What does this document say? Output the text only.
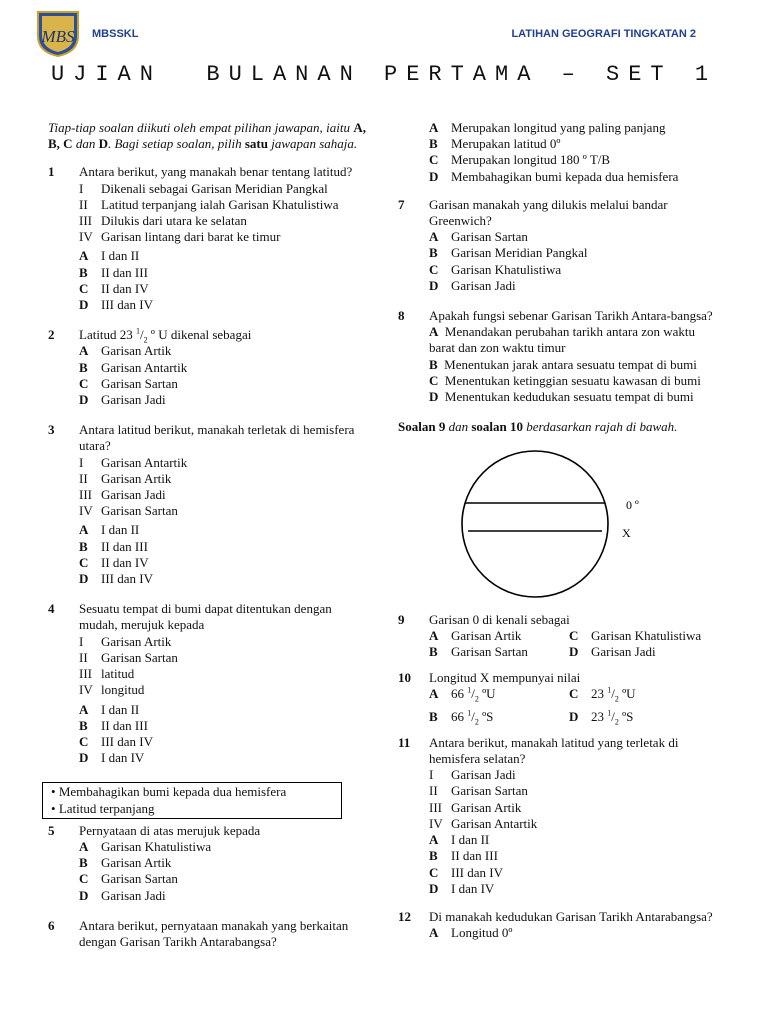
MBS MBSSKL	LATIHAN GEOGRAFI TINGKATAN 2
UJIAN  BULANAN PERTAMA – SET 1
Tiap-tiap soalan diikuti oleh empat pilihan jawapan, iaitu A, B, C dan D. Bagi setiap soalan, pilih satu jawapan sahaja.
1	Antara berikut, yang manakah benar tentang latitud?
I	Dikenali sebagai Garisan Meridian Pangkal
II	Latitud terpanjang ialah Garisan Khatulistiwa
III Dilukis dari utara ke selatan
IV Garisan lintang dari barat ke timur
A I dan II
B	II dan III
C II dan IV
D III dan IV
2	Latitud 23 $^1/_2$ º U dikenal sebagai
A Garisan Artik
B	Garisan Antartik
C Garisan Sartan
D Garisan Jadi
3	Antara latitud berikut, manakah terletak di hemisfera utara?
I	Garisan Antartik
II	Garisan Artik
III Garisan Jadi
IV Garisan Sartan
A I dan II
B	II dan III
C II dan IV
D III dan IV
4	Sesuatu tempat di bumi dapat ditentukan dengan mudah, merujuk kepada
I	Garisan Artik
II	Garisan Sartan
III latitud
IV longitud
A I dan II
B	II dan III
C III dan IV
D I dan IV
• Membahagikan bumi kepada dua hemisfera
• Latitud terpanjang
5	Pernyataan di atas merujuk kepada
A Garisan Khatulistiwa
B	Garisan Artik
C Garisan Sartan
D Garisan Jadi
6	Antara berikut, pernyataan manakah yang berkaitan dengan Garisan Tarikh Antarabangsa?
A Merupakan longitud yang paling panjang
B	Merupakan latitud 0º
C Merupakan longitud 180 º T/B
D Membahagikan bumi kepada dua hemisfera
7	Garisan manakah yang dilukis melalui bandar Greenwich?
A Garisan Sartan
B	Garisan Meridian Pangkal
C Garisan Khatulistiwa
D Garisan Jadi
8	Apakah fungsi sebenar Garisan Tarikh Antara-bangsa?
A Menandakan perubahan tarikh antara zon waktu barat dan zon waktu timur
B Menentukan jarak antara sesuatu tempat di bumi
C Menentukan ketinggian sesuatu kawasan di bumi
D Menentukan kedudukan sesuatu tempat di bumi
Soalan 9 dan soalan 10 berdasarkan rajah di bawah.
0 º
X
9	Garisan 0 di kenali sebagai
A Garisan Artik	C Garisan Khatulistiwa
B	Garisan Sartan	D Garisan Jadi
10	Longitud X mempunyai nilai
A 66 $^1/_2$ ºU	C 23 $^1/_2$ ºU
B	66 $^1/_2$ ºS	D 23 $^1/_2$ ºS
11	Antara berikut, manakah latitud yang terletak di hemisfera selatan?
I	Garisan Jadi
II	Garisan Sartan
III Garisan Artik
IV Garisan Antartik
A I dan II
B	II dan III
C III dan IV
D I dan IV
12	Di manakah kedudukan Garisan Tarikh Antarabangsa?
A Longitud 0º
